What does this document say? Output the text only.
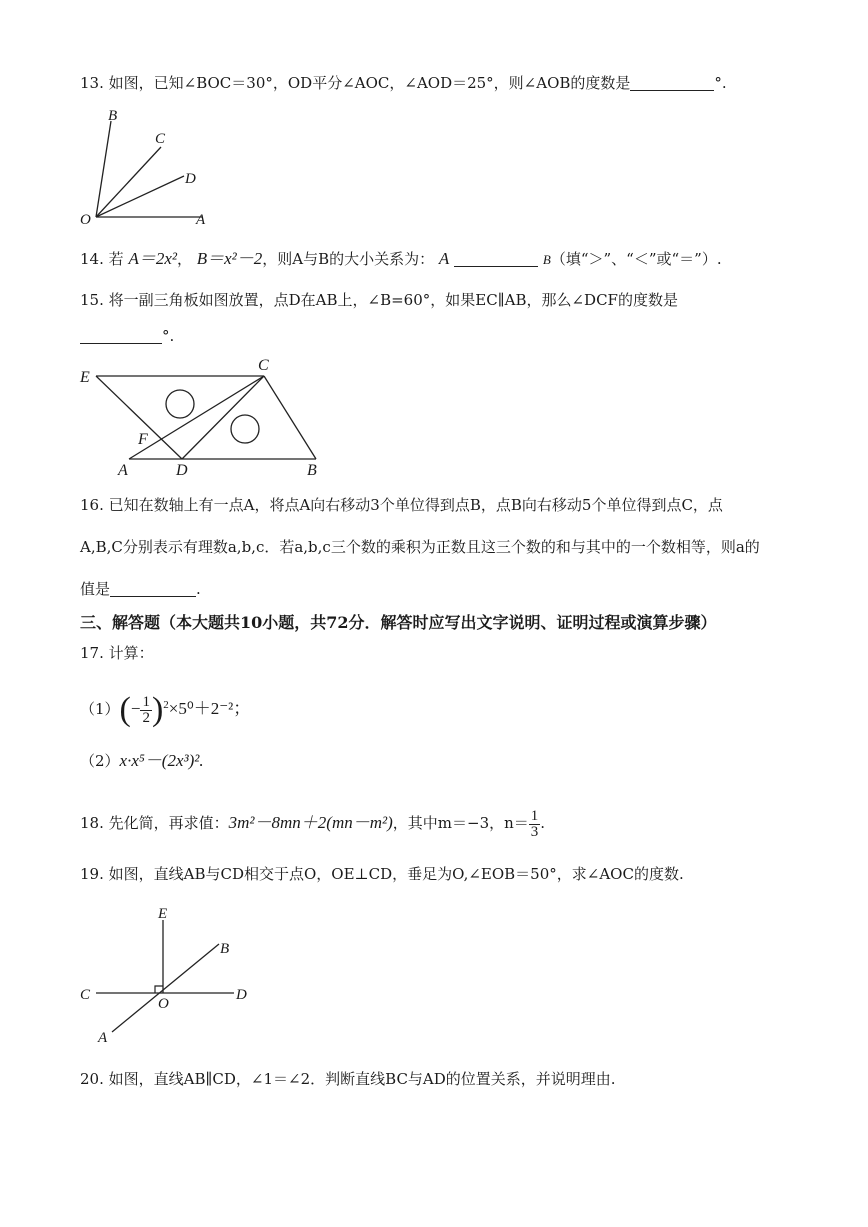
13. 如图，已知∠BOC＝30°，OD平分∠AOC，∠AOD＝25°，则∠AOB的度数是	°.
B
C
D
O	A
14. 若 A＝2x²， B＝x²－2，则A与B的大小关系为： A	B（填“＞”、“＜”或“＝”）.
15. 将一副三角板如图放置，点D在AB上，∠B=60°，如果EC∥AB，那么∠DCF的度数是
°.
E
C
F
A	D	B
16. 已知在数轴上有一点A，将点A向右移动3个单位得到点B，点B向右移动5个单位得到点C，点
A,B,C分别表示有理数a,b,c．若a,b,c三个数的乘积为正数且这三个数的和与其中的一个数相等，则a的
值是	.
三、解答题（本大题共10小题，共72分．解答时应写出文字说明、证明过程或演算步骤）
17. 计算：
$(1)(- \frac{1}{2} )^2\times 5^0+2^{-2}$；
（2）x·x⁵－(2x³)².
18. 先化简，再求值：3m²－8mn＋2(mn－m²)，其中m＝−3，$n= \frac{1}{3}$ .
19. 如图，直线AB与CD相交于点O，OE⊥CD，垂足为O,∠EOB＝50°，求∠AOC的度数.
E
B
C
O
D
A
20. 如图，直线AB∥CD，∠1＝∠2．判断直线BC与AD的位置关系，并说明理由.
